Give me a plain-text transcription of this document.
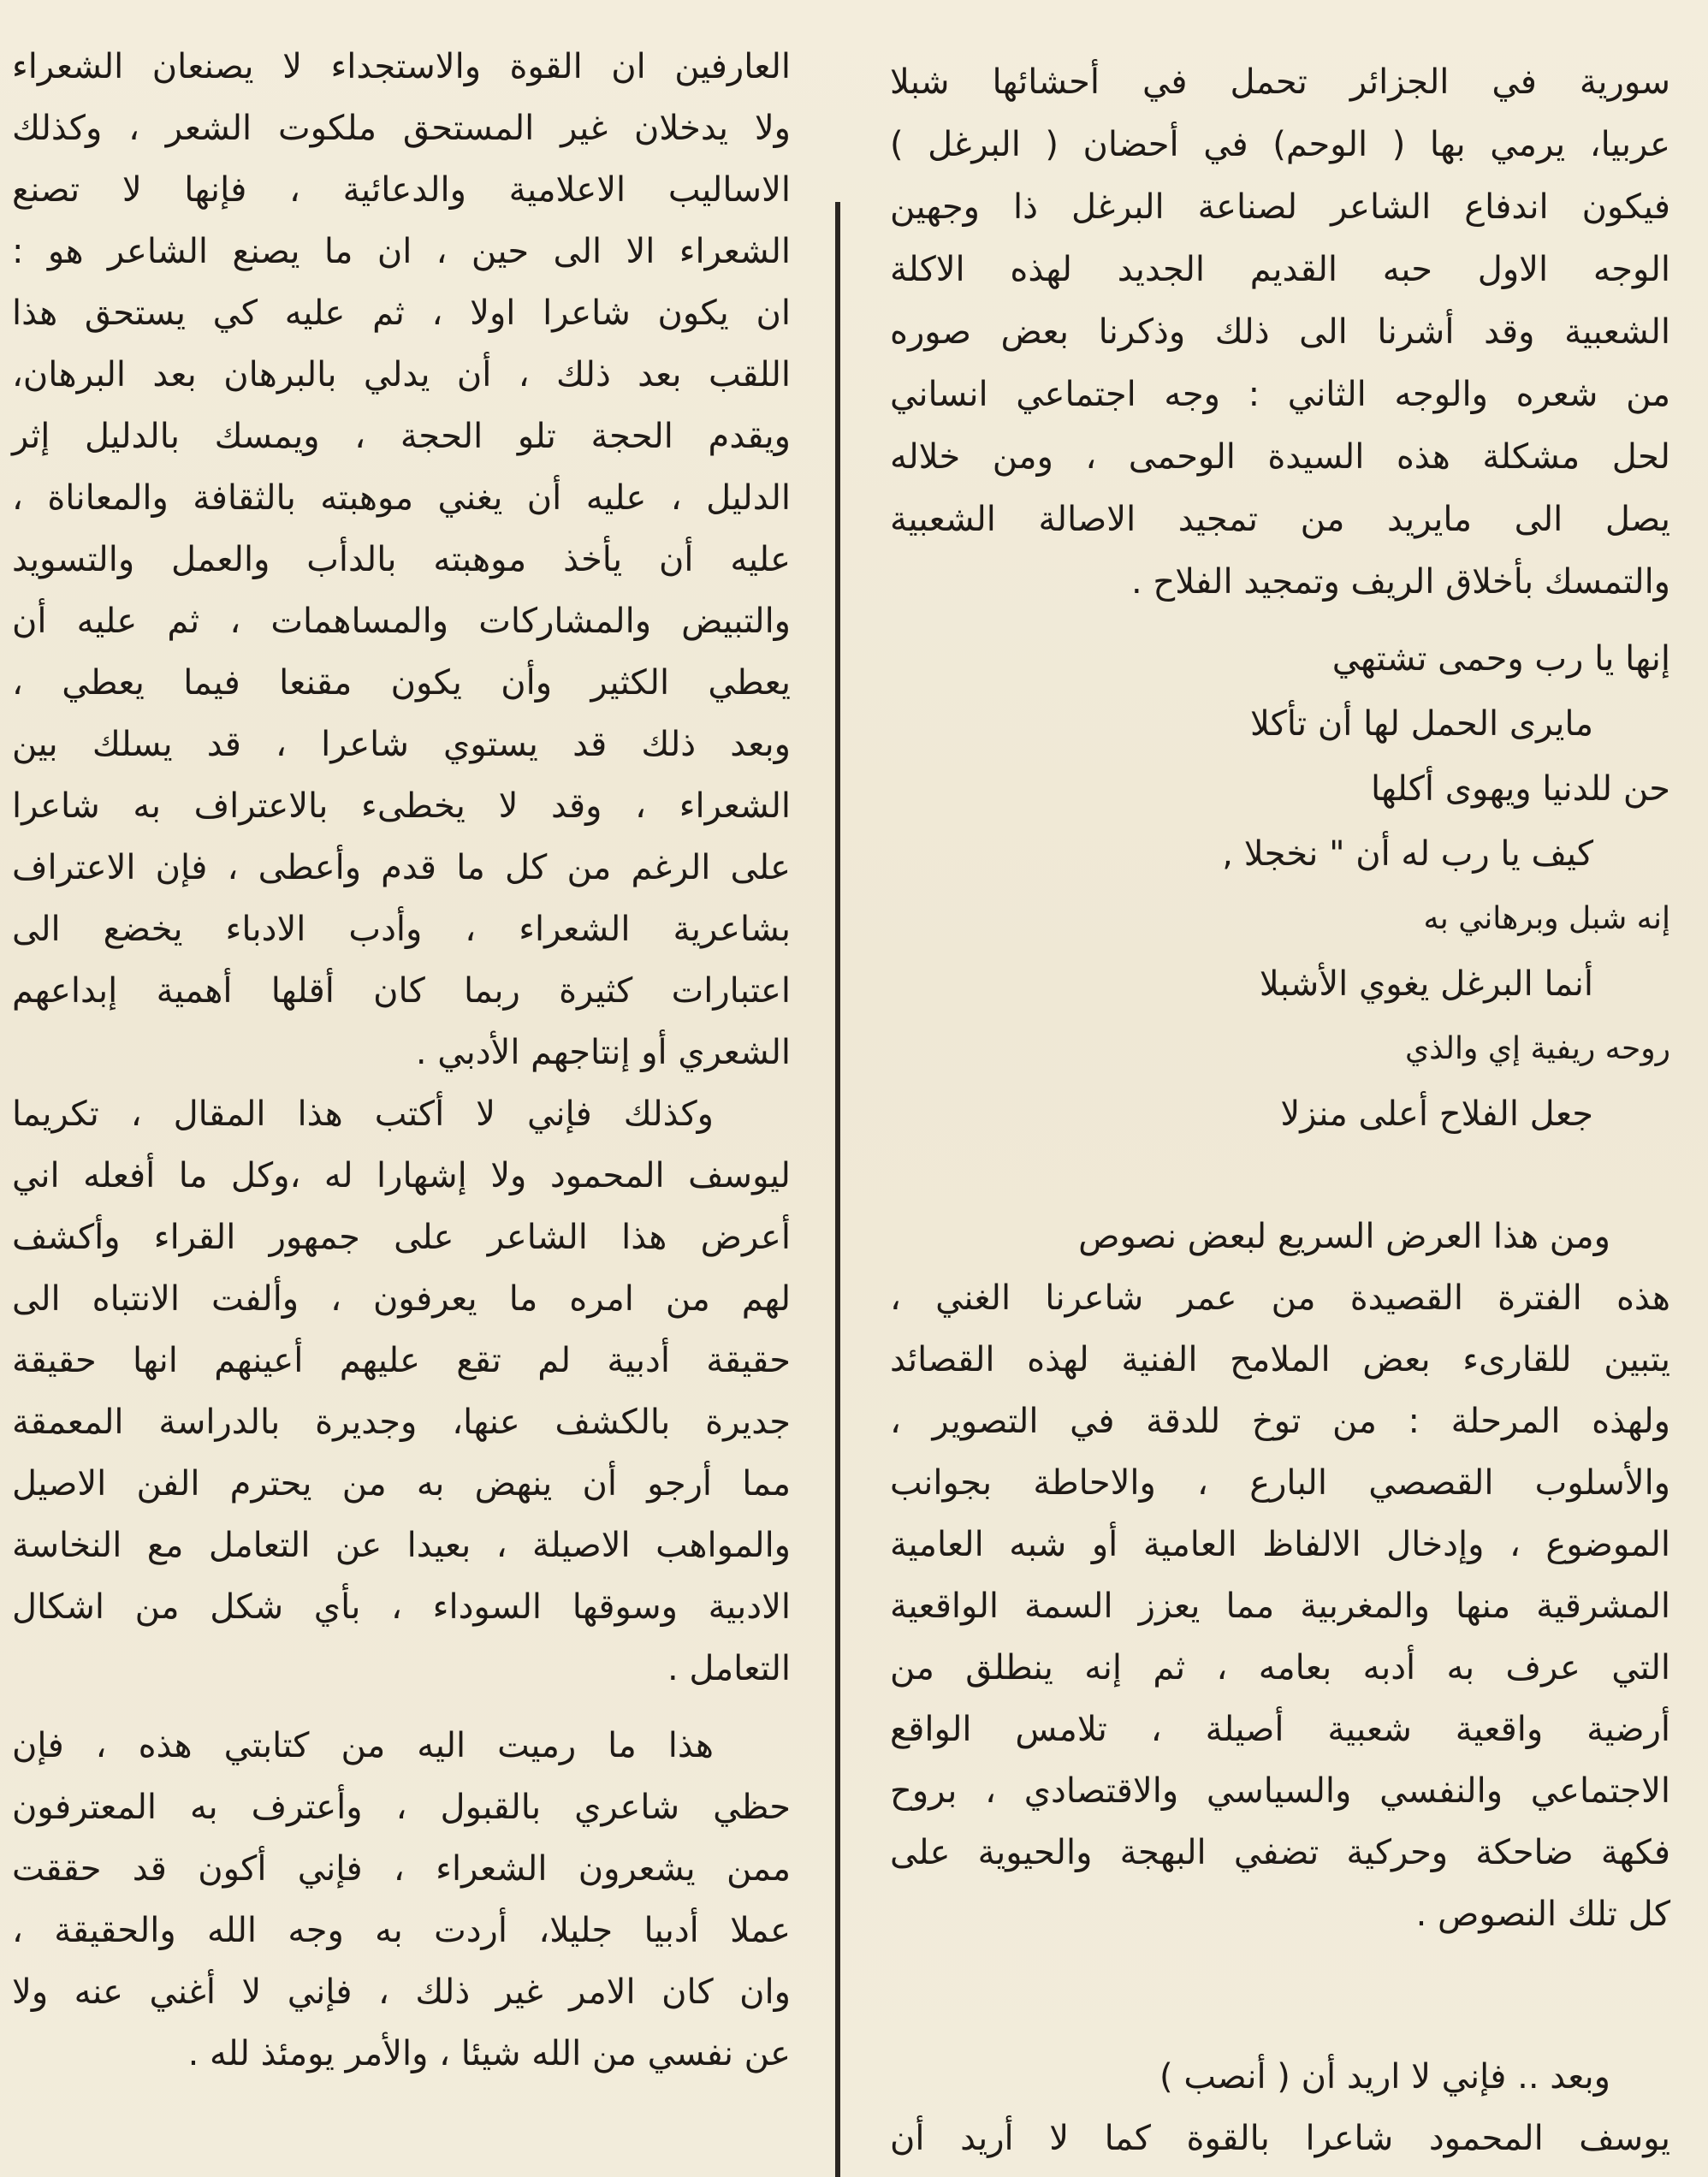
سورية في الجزائر تحمل في أحشائها شبلا
عربيا، يرمي بها ( الوحم) في أحضان ( البرغل )
فيكون اندفاع الشاعر لصناعة البرغل ذا وجهين
الوجه الاول حبه القديم الجديد لهذه الاكلة
الشعبية وقد أشرنا الى ذلك وذكرنا بعض صوره
من شعره والوجه الثاني : وجه اجتماعي انساني
لحل مشكلة هذه السيدة الوحمى ، ومن خلاله
يصل الى مايريد من تمجيد الاصالة الشعبية
والتمسك بأخلاق الريف وتمجيد الفلاح .
إنها يا رب وحمى تشتهي
مايرى الحمل لها أن تأكلا
حن للدنيا ويهوى أكلها
كيف يا رب له أن " نخجلا ,
إنه شبل وبرهاني به
أنما البرغل يغوي الأشبلا
روحه ريفية إي والذي
جعل الفلاح أعلى منزلا
ومن هذا العرض السريع لبعض نصوص
هذه الفترة القصيدة من عمر شاعرنا الغني ،
يتبين للقارىء بعض الملامح الفنية لهذه القصائد
ولهذه المرحلة : من توخ للدقة في التصوير ،
والأسلوب القصصي البارع ، والاحاطة بجوانب
الموضوع ، وإدخال الالفاظ العامية أو شبه العامية
المشرقية منها والمغربية مما يعزز السمة الواقعية
التي عرف به أدبه بعامه ، ثم إنه ينطلق من
أرضية واقعية شعبية أصيلة ، تلامس الواقع
الاجتماعي والنفسي والسياسي والاقتصادي ، بروح
فكهة ضاحكة وحركية تضفي البهجة والحيوية على
كل تلك النصوص .
وبعد .. فإني لا اريد أن ( أنصب )
يوسف المحمود شاعرا بالقوة كما لا أريد أن
العارفين ان القوة والاستجداء لا يصنعان الشعراء
ولا يدخلان غير المستحق ملكوت الشعر ، وكذلك
الاساليب الاعلامية والدعائية ، فإنها لا تصنع
الشعراء الا الى حين ، ان ما يصنع الشاعر هو :
ان يكون شاعرا اولا ، ثم عليه كي يستحق هذا
اللقب بعد ذلك ، أن يدلي بالبرهان بعد البرهان،
ويقدم الحجة تلو الحجة ، ويمسك بالدليل إثر
الدليل ، عليه أن يغني موهبته بالثقافة والمعاناة ،
عليه أن يأخذ موهبته بالدأب والعمل والتسويد
والتبيض والمشاركات والمساهمات ، ثم عليه أن
يعطي الكثير وأن يكون مقنعا فيما يعطي ،
وبعد ذلك قد يستوي شاعرا ، قد يسلك بين
الشعراء ، وقد لا يخطىء بالاعتراف به شاعرا
على الرغم من كل ما قدم وأعطى ، فإن الاعتراف
بشاعرية الشعراء ، وأدب الادباء يخضع الى
اعتبارات كثيرة ربما كان أقلها أهمية إبداعهم
الشعري أو إنتاجهم الأدبي .
وكذلك فإني لا أكتب هذا المقال ، تكريما
ليوسف المحمود ولا إشهارا له ،وكل ما أفعله اني
أعرض هذا الشاعر على جمهور القراء وأكشف
لهم من امره ما يعرفون ، وألفت الانتباه الى
حقيقة أدبية لم تقع عليهم أعينهم انها حقيقة
جديرة بالكشف عنها، وجديرة بالدراسة المعمقة
مما أرجو أن ينهض به من يحترم الفن الاصيل
والمواهب الاصيلة ، بعيدا عن التعامل مع النخاسة
الادبية وسوقها السوداء ، بأي شكل من اشكال
التعامل .
هذا ما رميت اليه من كتابتي هذه ، فإن
حظي شاعري بالقبول ، وأعترف به المعترفون
ممن يشعرون الشعراء ، فإني أكون قد حققت
عملا أدبيا جليلا، أردت به وجه الله والحقيقة ،
وان كان الامر غير ذلك ، فإني لا أغني عنه ولا
عن نفسي من الله شيئا ، والأمر يومئذ لله .
